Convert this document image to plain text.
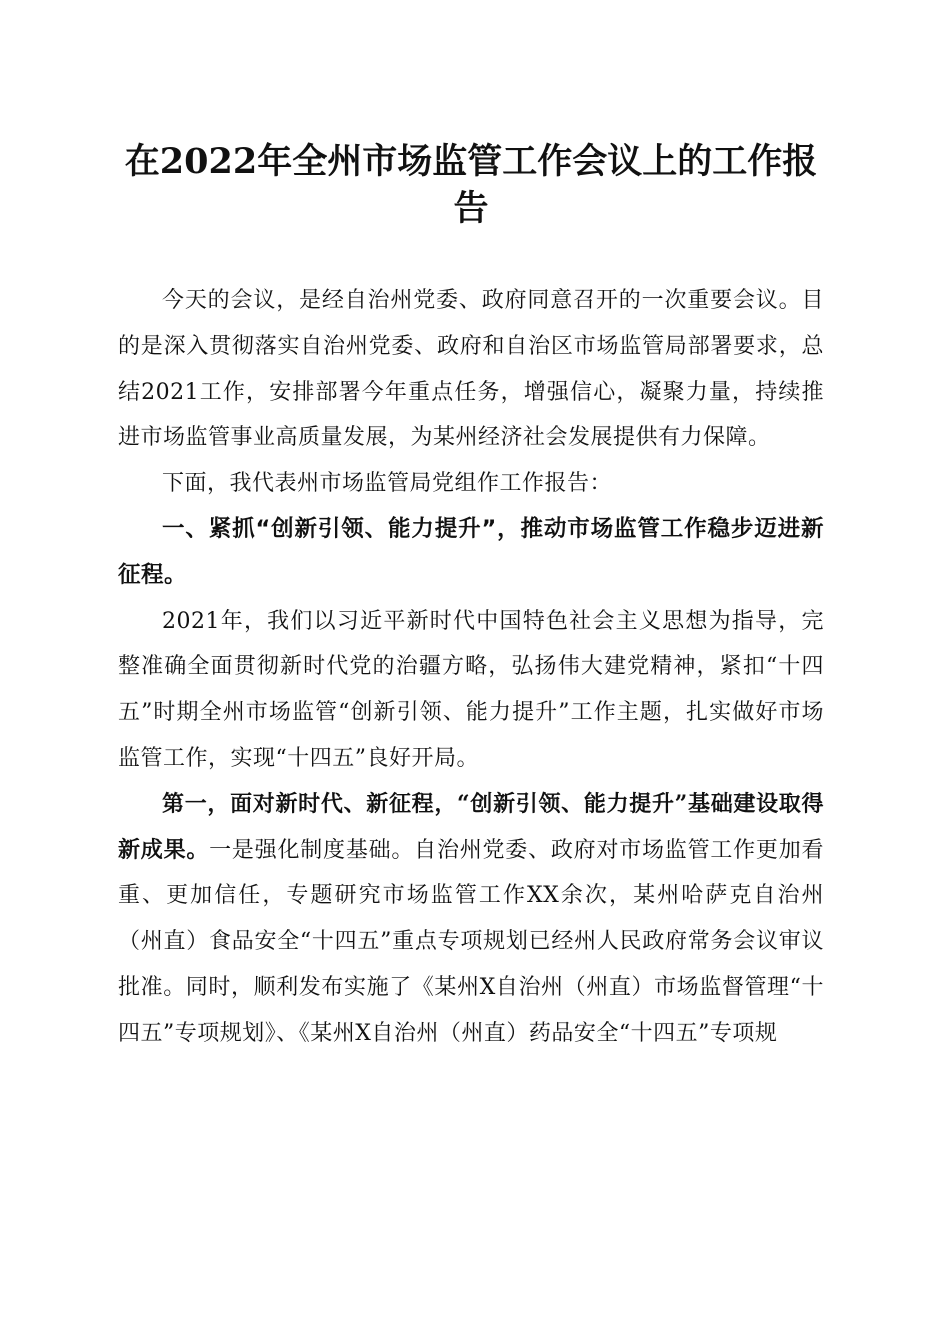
在2022年全州市场监管工作会议上的工作报告

今天的会议，是经自治州党委、政府同意召开的一次重要会议。目的是深入贯彻落实自治州党委、政府和自治区市场监管局部署要求，总结2021工作，安排部署今年重点任务，增强信心，凝聚力量，持续推进市场监管事业高质量发展，为某州经济社会发展提供有力保障。

下面，我代表州市场监管局党组作工作报告：

一、紧抓“创新引领、能力提升”，推动市场监管工作稳步迈进新征程。

2021年，我们以习近平新时代中国特色社会主义思想为指导，完整准确全面贯彻新时代党的治疆方略，弘扬伟大建党精神，紧扣“十四五”时期全州市场监管“创新引领、能力提升”工作主题，扎实做好市场监管工作，实现“十四五”良好开局。

第一，面对新时代、新征程，“创新引领、能力提升”基础建设取得新成果。一是强化制度基础。自治州党委、政府对市场监管工作更加看重、更加信任，专题研究市场监管工作XX余次，某州哈萨克自治州（州直）食品安全“十四五”重点专项规划已经州人民政府常务会议审议批准。同时，顺利发布实施了《某州X自治州（州直）市场监督管理“十四五”专项规划》、《某州X自治州（州直）药品安全“十四五”专项规
